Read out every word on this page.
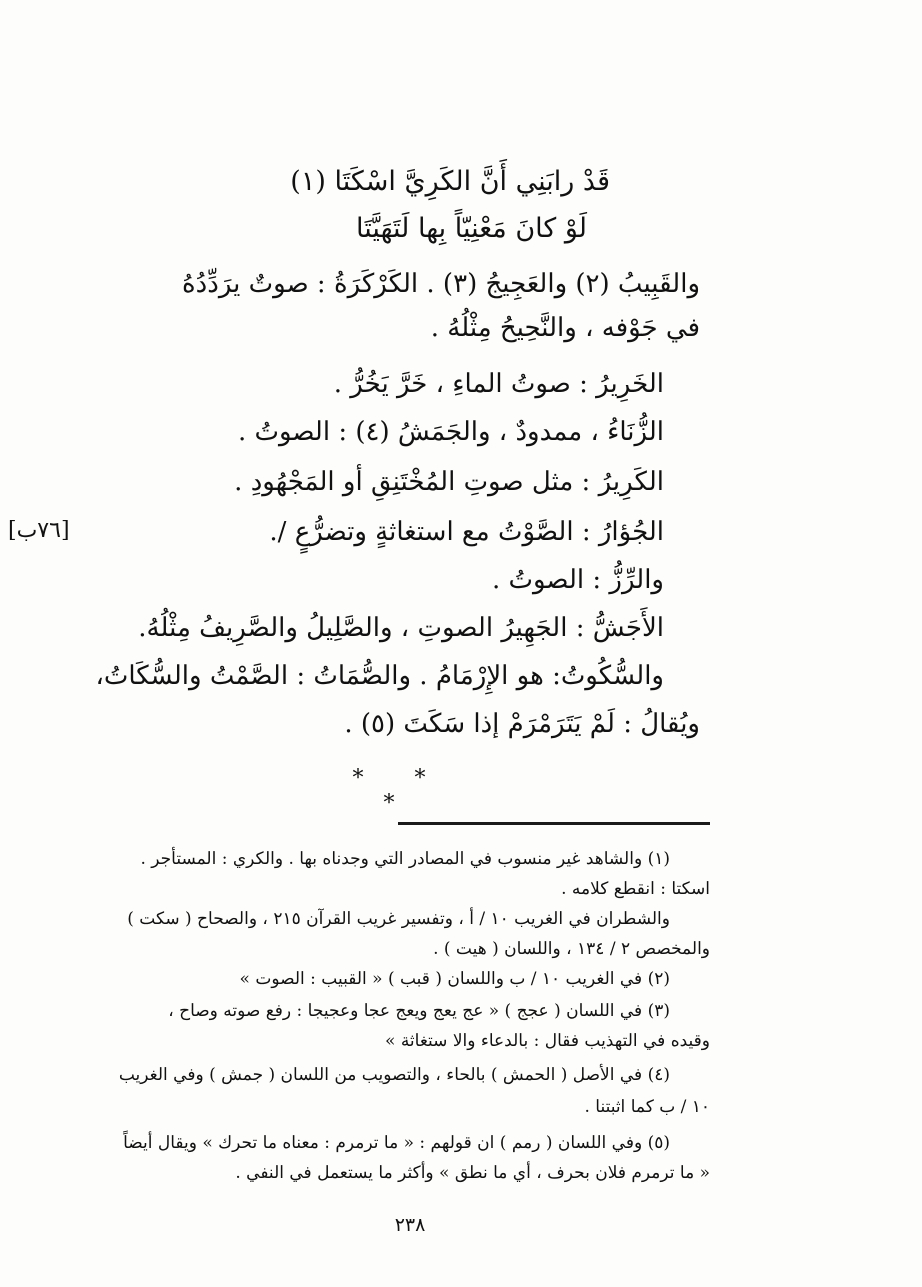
قَدْ رابَنِي أَنَّ الكَرِيَّ اسْكَتَا (١)
لَوْ كانَ مَعْنِيّاً بِها لَتَهَيَّتَا
والقَبِيبُ (٢) والعَجِيجُ (٣) . الكَرْكَرَةُ : صوتٌ يرَدِّدُهُ
في جَوْفه ، والنَّحِيحُ مِثْلُهُ .
الخَرِيرُ : صوتُ الماءِ ، خَرَّ يَخُرُّ .
الزُّنَاءُ ، ممدودٌ ، والجَمَشُ (٤) : الصوتُ .
الكَرِيرُ : مثل صوتِ المُخْتَنِقِ أو المَجْهُودِ .
الجُؤارُ : الصَّوْتُ مع استغاثةٍ وتضرُّعٍ /.
والرِّزُّ : الصوتُ .
الأَجَشُّ : الجَهِيرُ الصوتِ ، والصَّلِيلُ والصَّرِيفُ مِثْلُهُ.
والسُّكُوتُ: هو الإِرْمَامُ . والصُّمَاتُ : الصَّمْتُ والسُّكَاتُ،
ويُقالُ : لَمْ يَتَرَمْرَمْ إذا سَكَتَ (٥) .
[٧٦ب]
* * *
(١) والشاهد غير منسوب في المصادر التي وجدناه بها . والكري : المستأجر .
اسكتا : انقطع كلامه .
والشطران في الغريب ١٠ / أ ، وتفسير غريب القرآن ٢١٥ ، والصحاح ( سكت )
والمخصص ٢ / ١٣٤ ، واللسان ( هيت ) .
(٢) في الغريب ١٠ / ب واللسان ( قبب ) « القبيب : الصوت »
(٣) في اللسان ( عجج ) « عج يعج ويعج عجا وعجيجا : رفع صوته وصاح ،
وقيده في التهذيب فقال : بالدعاء والا ستغاثة »
(٤) في الأصل ( الحمش ) بالحاء ، والتصويب من اللسان ( جمش ) وفي الغريب
١٠ / ب كما اثبتنا .
(٥) وفي اللسان ( رمم ) ان قولهم : « ما ترمرم : معناه ما تحرك » ويقال أيضاً
« ما ترمرم فلان بحرف ، أي ما نطق » وأكثر ما يستعمل في النفي .
٢٣٨
